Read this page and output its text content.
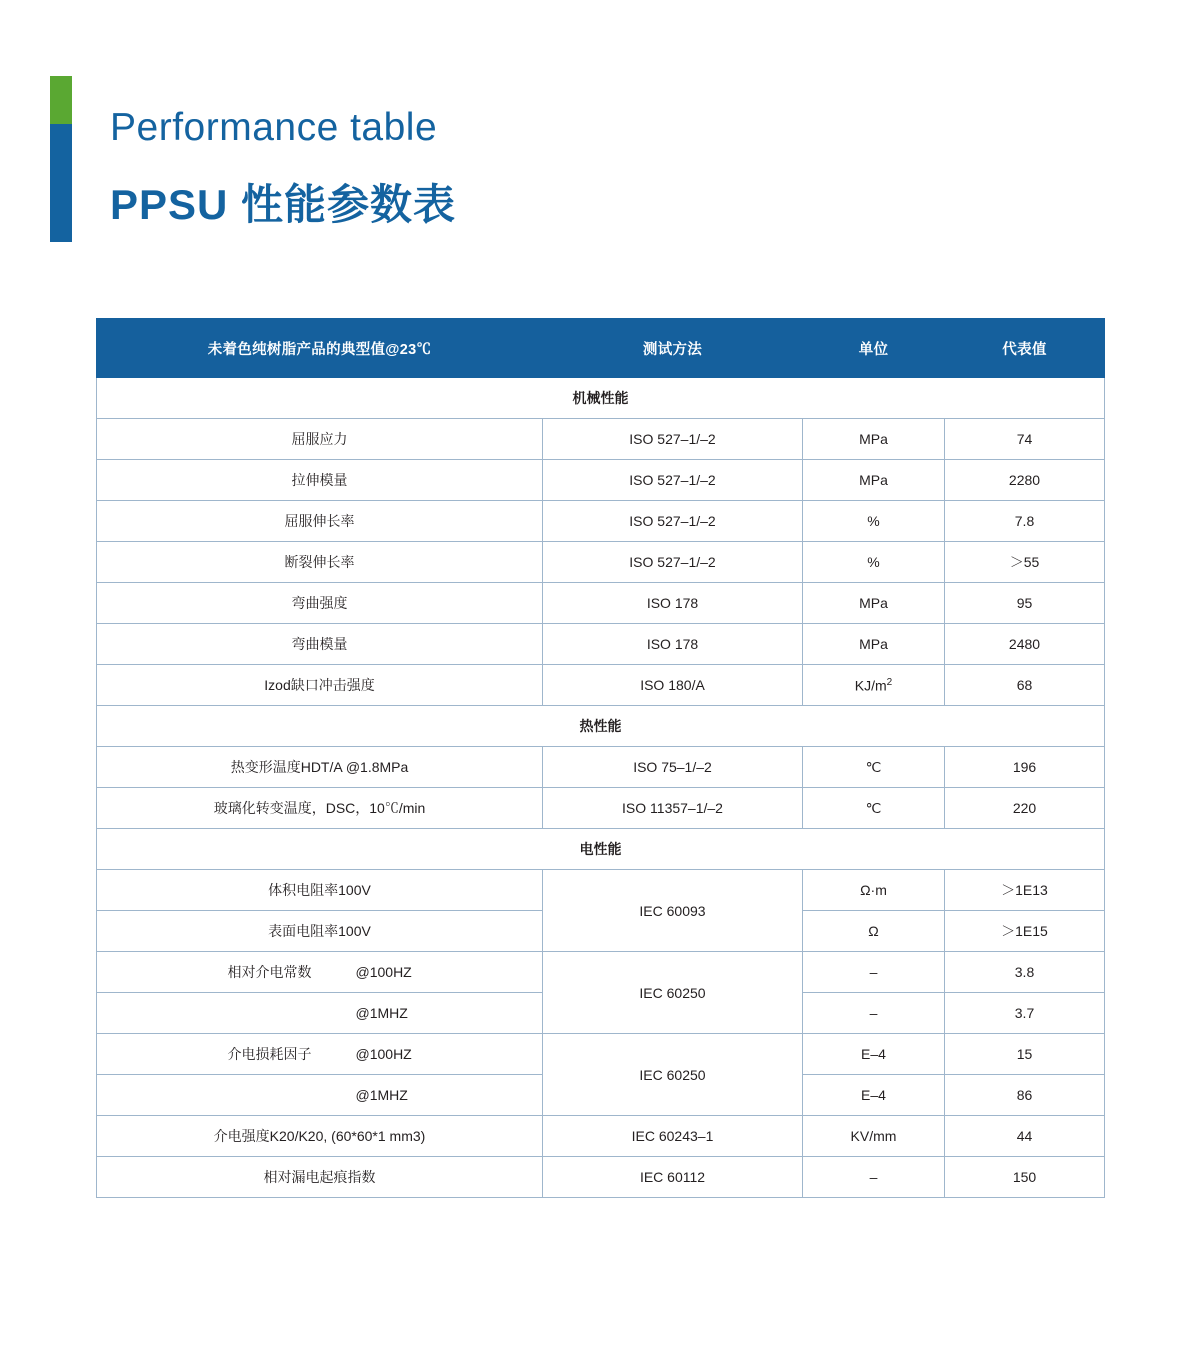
Performance table
PPSU 性能参数表
未着色纯树脂产品的典型值@23℃	测试方法	单位	代表值
机械性能			
屈服应力	ISO 527–1/–2	MPa	74
拉伸模量	ISO 527–1/–2	MPa	2280
屈服伸长率	ISO 527–1/–2	%	7.8
断裂伸长率	ISO 527–1/–2	%	＞55
弯曲强度	ISO 178	MPa	95
弯曲模量	ISO 178	MPa	2480
Izod缺口冲击强度	ISO 180/A	$KJ/m^2$	68
热性能			
热变形温度HDT/A @1.8MPa	ISO 75–1/–2	℃	196
玻璃化转变温度，DSC，10℃/min	ISO 11357–1/–2	℃	220
电性能			
体积电阻率100V	IEC 60093	Ω·m	＞1E13
表面电阻率100V		Ω	＞1E15
相对介电常数 @100HZ	IEC 60250	–	3.8
@1MHZ		–	3.7
介电损耗因子 @100HZ	IEC 60250	E–4	15
@1MHZ		E–4	86
介电强度K20/K20, (60*60*1 mm3)	IEC 60243–1	KV/mm	44
相对漏电起痕指数	IEC 60112	–	150
